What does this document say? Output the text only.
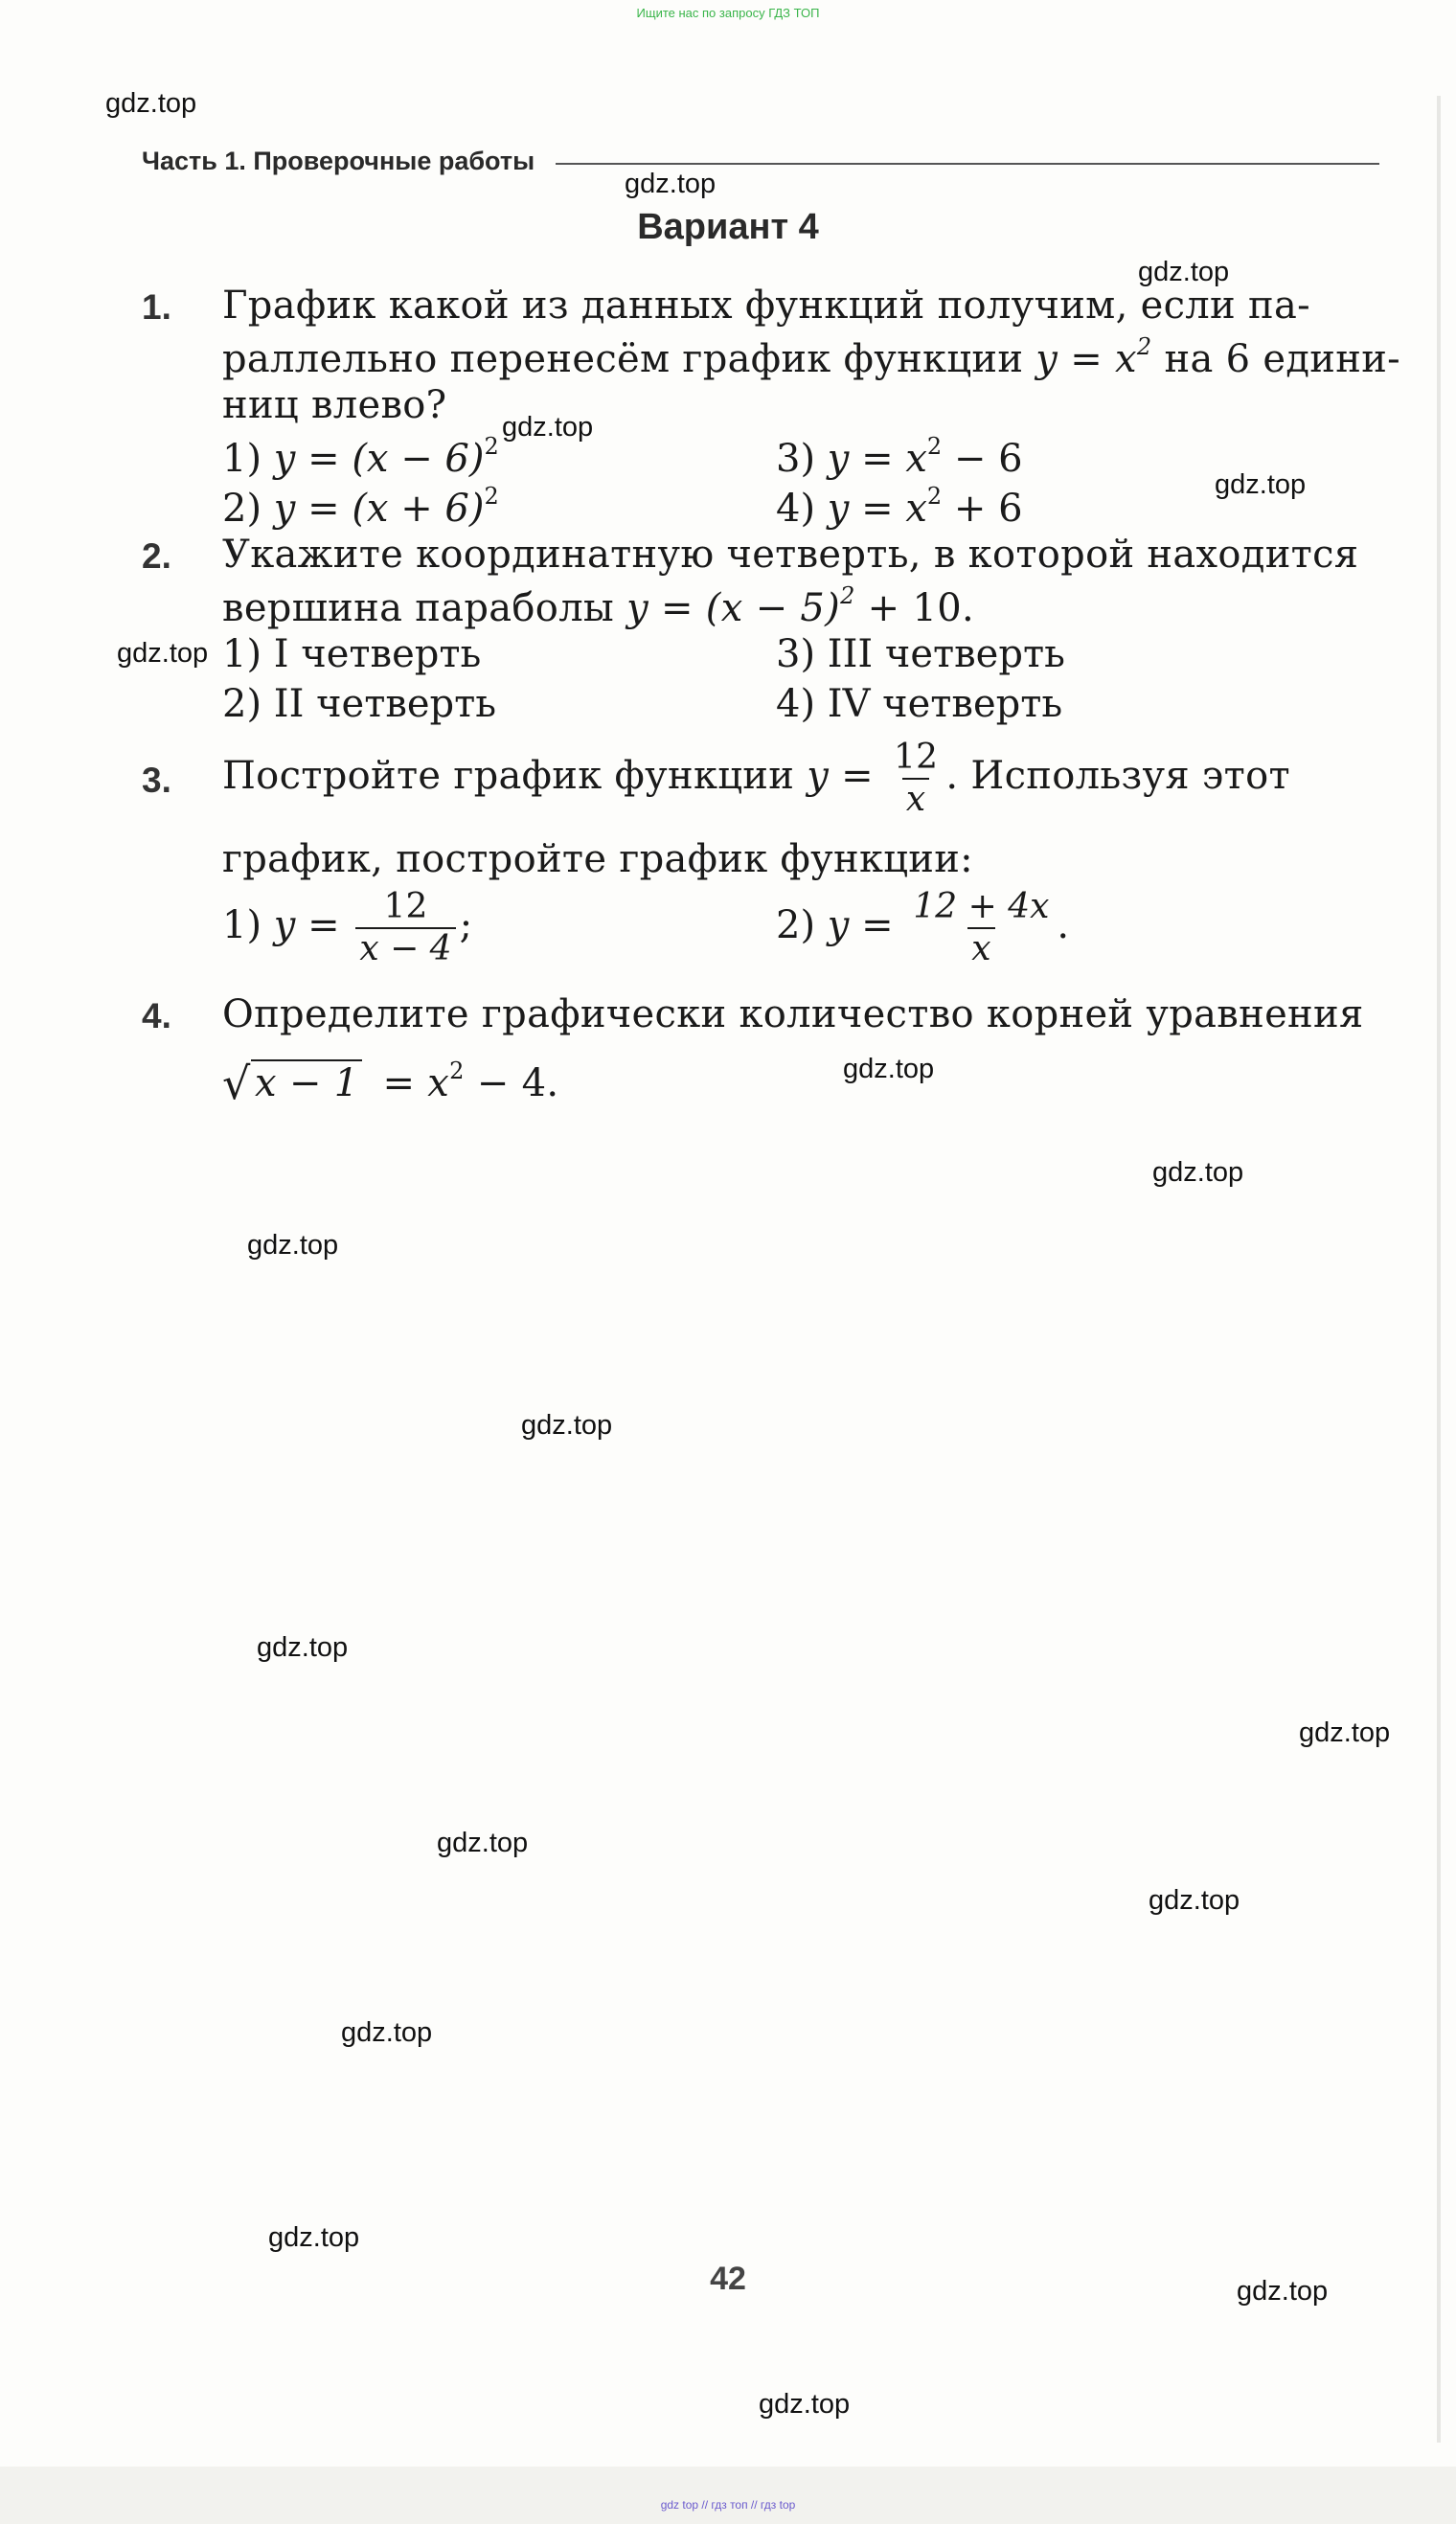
Ищите нас по запросу ГДЗ ТОП
gdz.top
gdz.top
gdz.top
gdz.top
gdz.top
gdz.top
gdz.top
gdz.top
gdz.top
gdz.top
gdz.top
gdz.top
gdz.top
gdz.top
gdz.top
gdz.top
gdz.top
gdz.top
Часть 1. Проверочные работы
Вариант 4
1. График какой из данных функций получим, если па-
раллельно перенесём график функции $y = x^2$ на 6 едини-
ниц влево?
1) $y = (x - 6)^2$	3) $y = x^2 - 6$
2) $y = (x + 6)^2$	4) $y = x^2 + 6$
2. Укажите координатную четверть, в которой находится
вершина параболы $y = (x - 5)^2 + 10$.
1) I четверть	3) III четверть
2) II четверть	4) IV четверть
3. Постройте график функции $y = \frac{12}{x}$ . Используя этот
график, постройте график функции:
1) $y = \frac{12}{x - 4}$ ;	2) $y = \frac{12 + 4x}{x}$ .
4. Определите графически количество корней уравнения
√ $x - 1 = x^2 - 4$.
42
gdz top // гдз топ // гдз top
